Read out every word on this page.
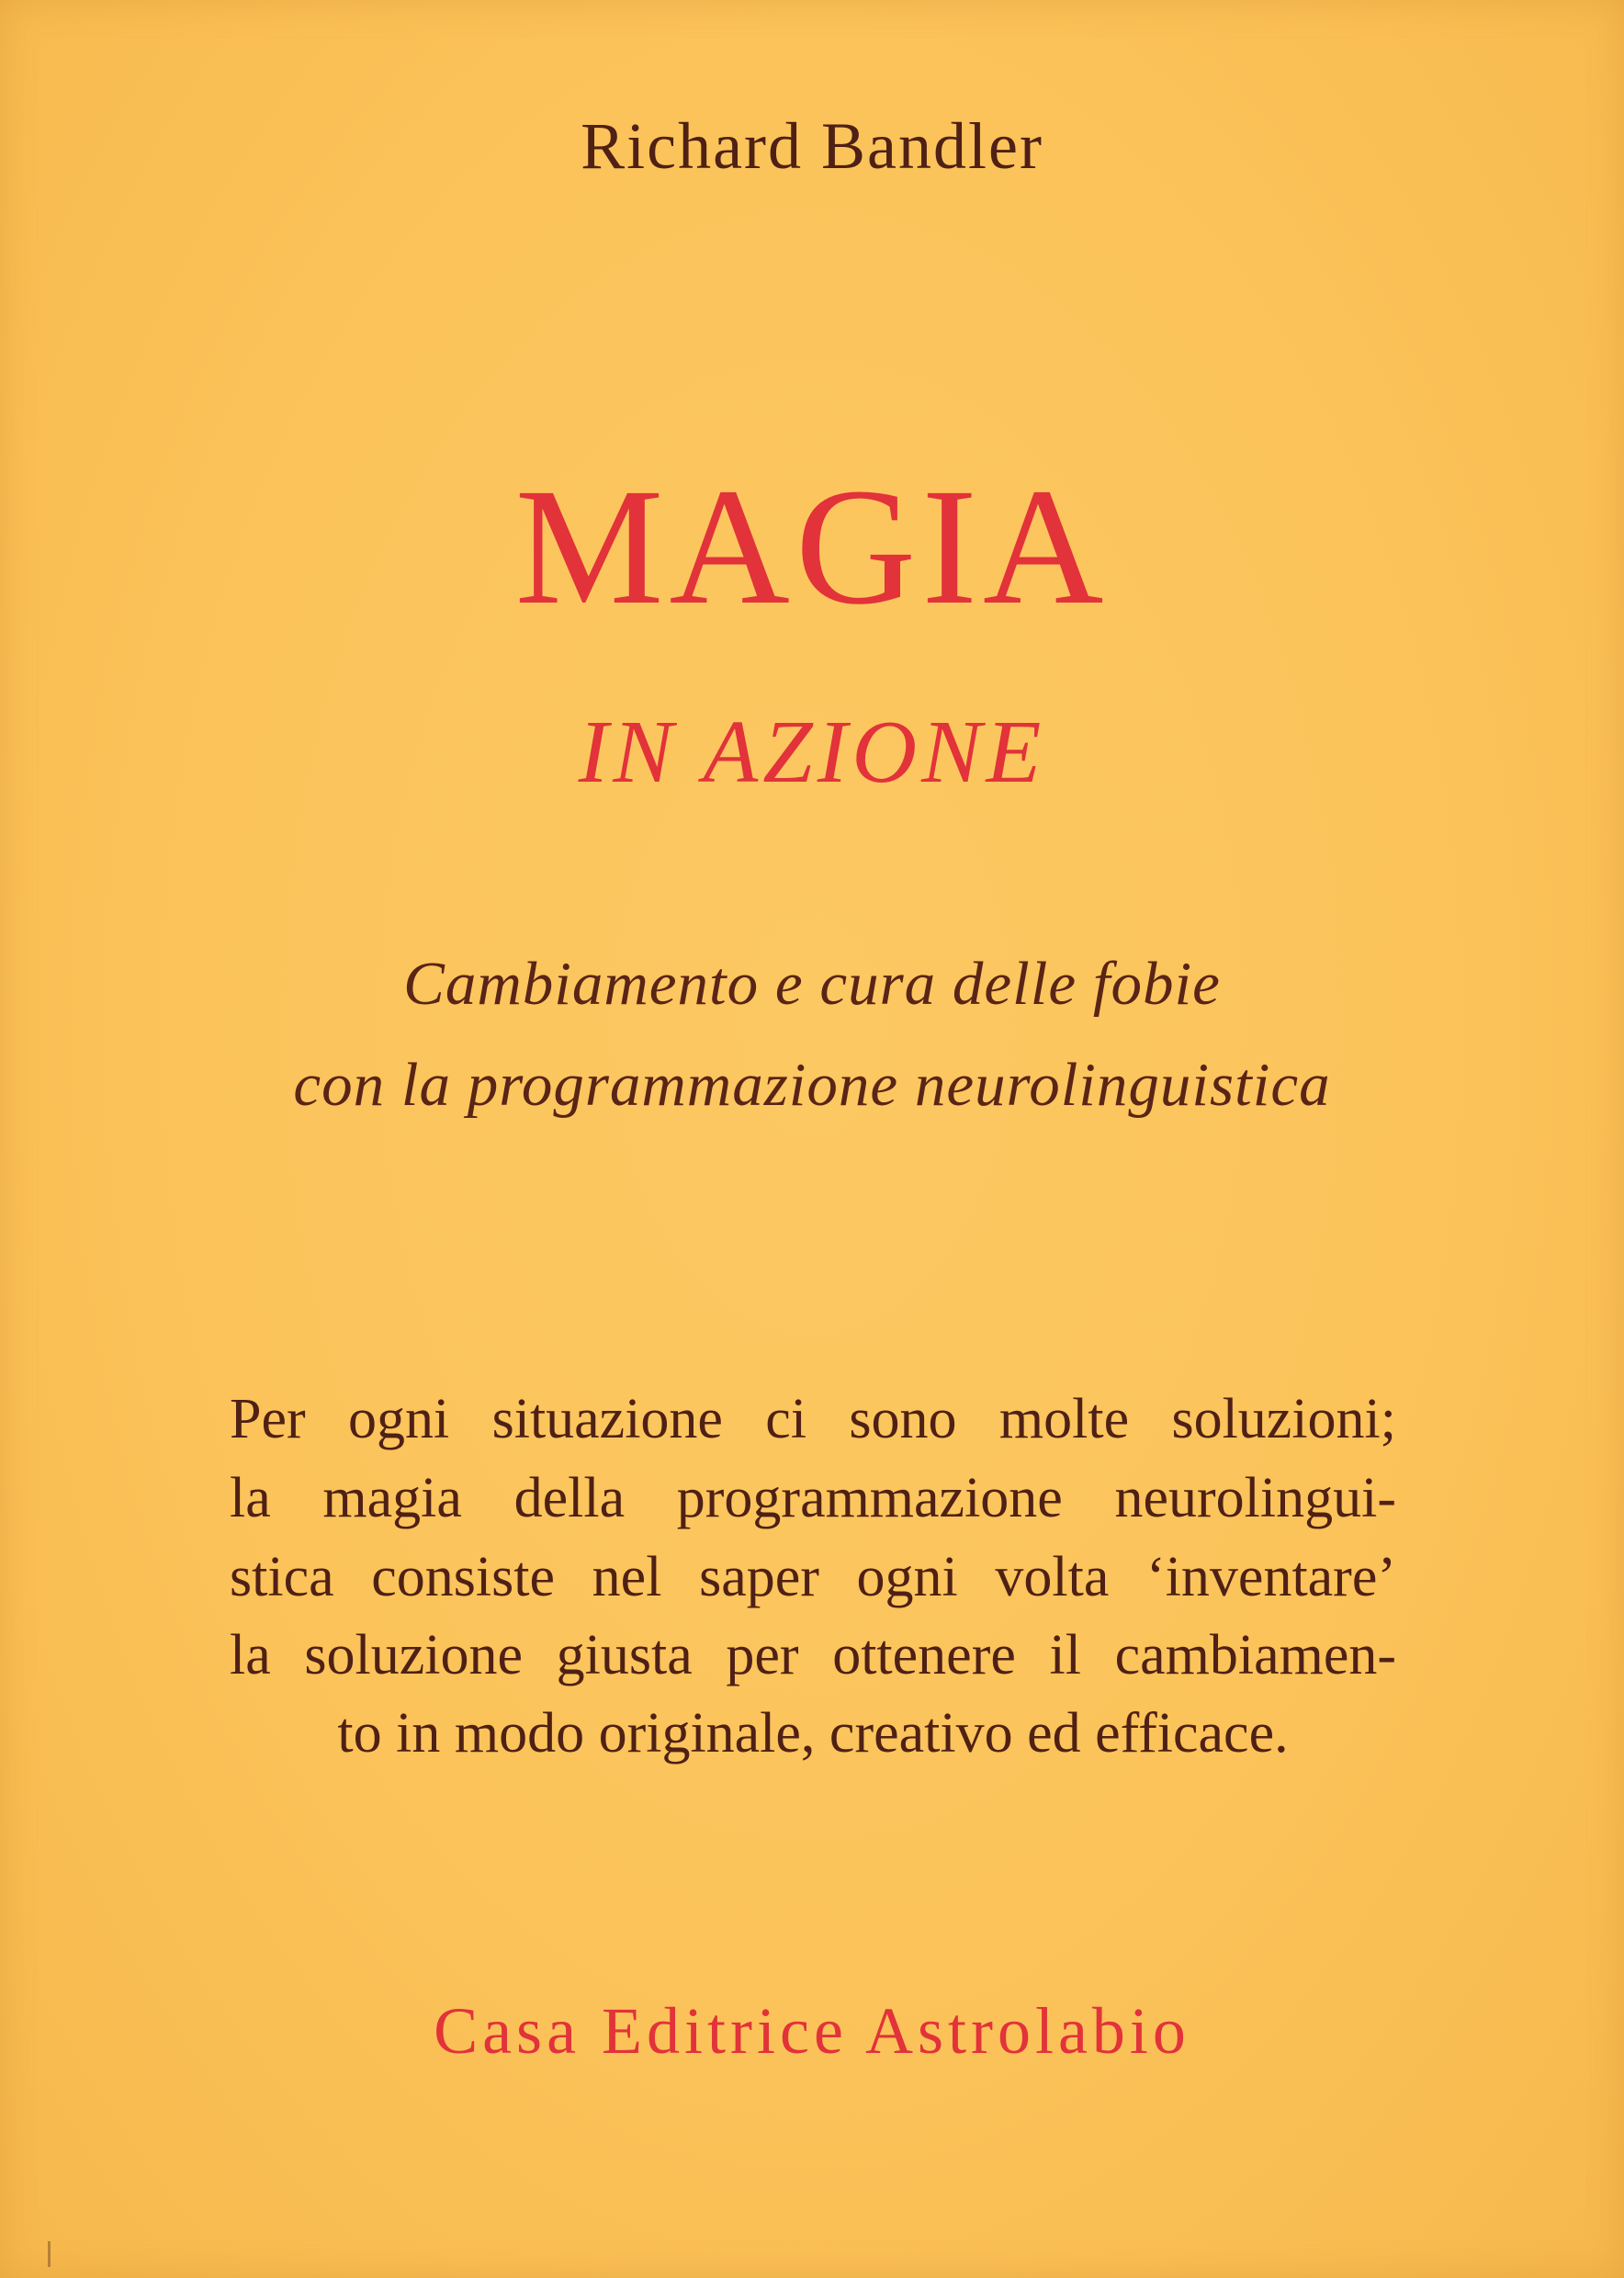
Richard Bandler

MAGIA

IN AZIONE

Cambiamento e cura delle fobie

con la programmazione neurolinguistica

Per ogni situazione ci sono molte soluzioni;

la magia della programmazione neurolingui-

stica consiste nel saper ogni volta ‘inventare’

la soluzione giusta per ottenere il cambiamen-

to in modo originale, creativo ed efficace.

Casa Editrice Astrolabio
